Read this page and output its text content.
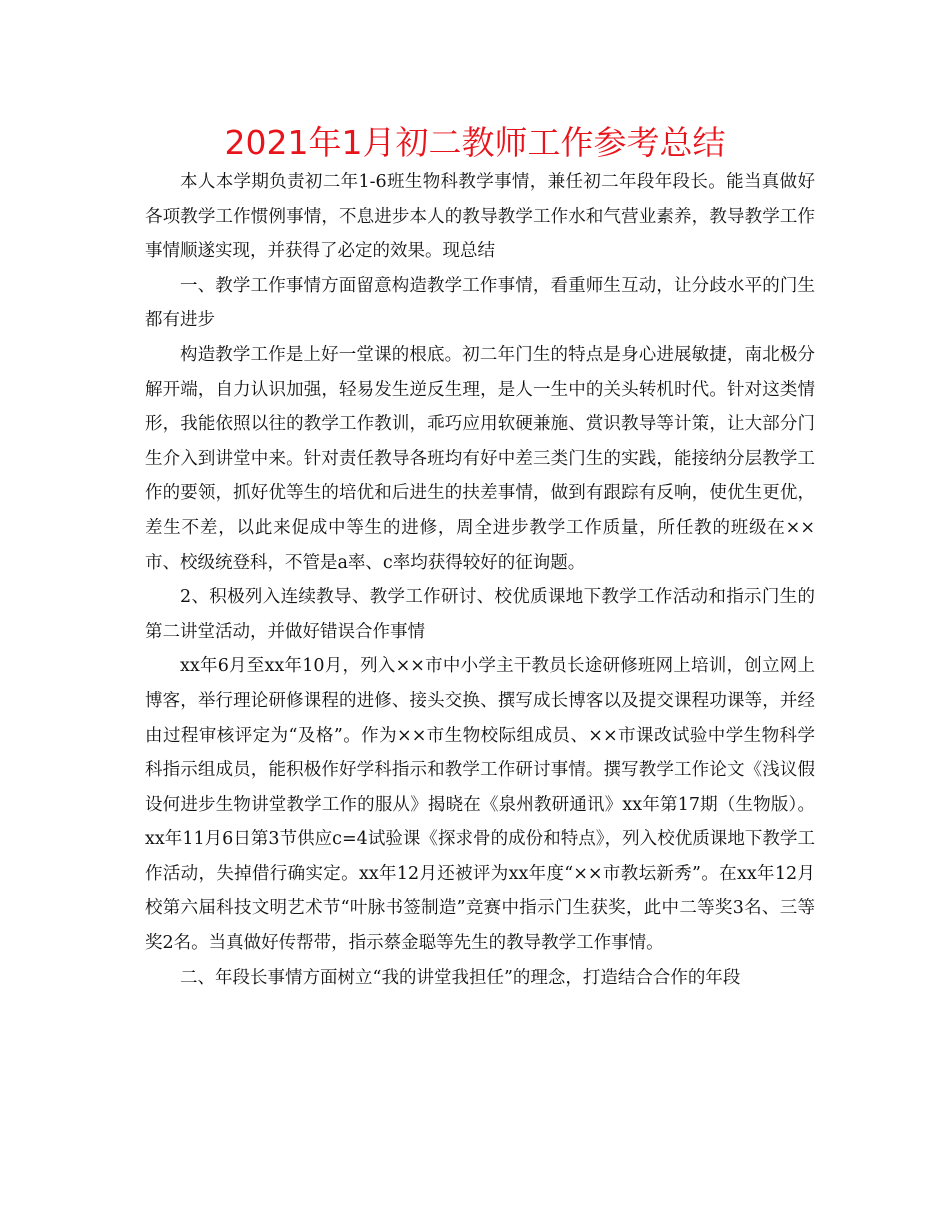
2021年1月初二教师工作参考总结

本人本学期负责初二年1-6班生物科教学事情，兼任初二年段年段长。能当真做好各项教学工作惯例事情，不息进步本人的教导教学工作水和气营业素养，教导教学工作事情顺遂实现，并获得了必定的效果。现总结

一、教学工作事情方面留意构造教学工作事情，看重师生互动，让分歧水平的门生都有进步

构造教学工作是上好一堂课的根底。初二年门生的特点是身心进展敏捷，南北极分解开端，自力认识加强，轻易发生逆反生理，是人一生中的关头转机时代。针对这类情形，我能依照以往的教学工作教训，乖巧应用软硬兼施、赏识教导等计策，让大部分门生介入到讲堂中来。针对责任教导各班均有好中差三类门生的实践，能接纳分层教学工作的要领，抓好优等生的培优和后进生的扶差事情，做到有跟踪有反响，使优生更优，差生不差，以此来促成中等生的进修，周全进步教学工作质量，所任教的班级在××市、校级统登科，不管是a率、c率均获得较好的征询题。

2、积极列入连续教导、教学工作研讨、校优质课地下教学工作活动和指示门生的第二讲堂活动，并做好错误合作事情

xx年6月至xx年10月，列入××市中小学主干教员长途研修班网上培训，创立网上博客，举行理论研修课程的进修、接头交换、撰写成长博客以及提交课程功课等，并经由过程审核评定为“及格”。作为××市生物校际组成员、××市课改试验中学生物科学科指示组成员，能积极作好学科指示和教学工作研讨事情。撰写教学工作论文《浅议假设何进步生物讲堂教学工作的服从》揭晓在《泉州教研通讯》xx年第17期（生物版）。xx年11月6日第3节供应c=4试验课《探求骨的成份和特点》，列入校优质课地下教学工作活动，失掉借行确实定。xx年12月还被评为xx年度“××市教坛新秀”。在xx年12月校第六届科技文明艺术节“叶脉书签制造”竞赛中指示门生获奖，此中二等奖3名、三等奖2名。当真做好传帮带，指示蔡金聪等先生的教导教学工作事情。

二、年段长事情方面树立“我的讲堂我担任”的理念，打造结合合作的年段
